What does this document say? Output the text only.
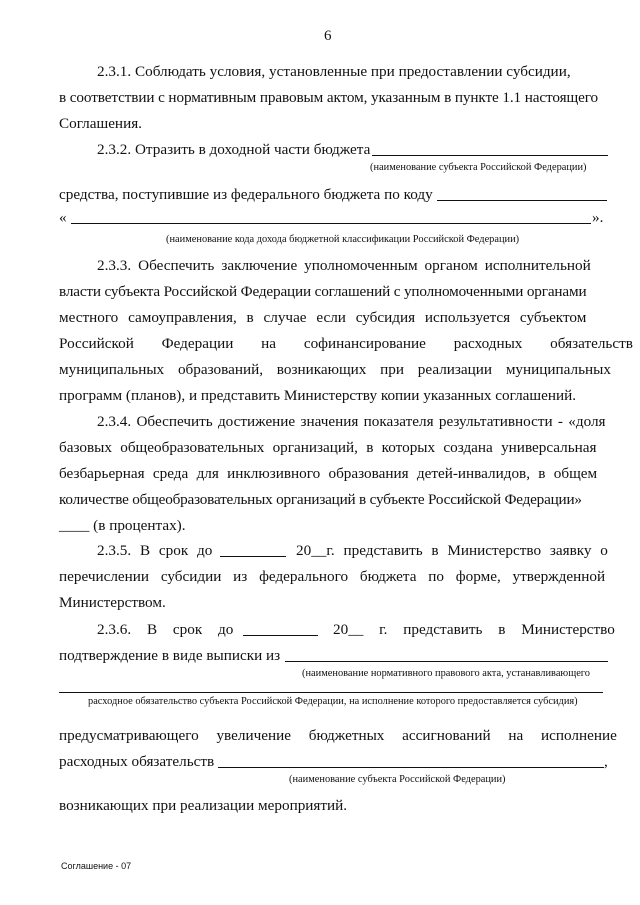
6
2.3.1. Соблюдать условия, установленные при предоставлении субсидии,
в соответствии с нормативным правовым актом, указанным в пункте 1.1 настоящего
Соглашения.
2.3.2. Отразить в доходной части бюджета
(наименование субъекта Российской Федерации)
средства, поступившие из федерального бюджета по коду
«	».
(наименование кода дохода бюджетной классификации Российской Федерации)
2.3.3. Обеспечить заключение уполномоченным органом исполнительной
власти субъекта Российской Федерации соглашений с уполномоченными органами
местного самоуправления, в случае если субсидия используется субъектом
Российской Федерации на софинансирование расходных обязательств
муниципальных образований, возникающих при реализации муниципальных
программ (планов), и представить Министерству копии указанных соглашений.
2.3.4. Обеспечить достижение значения показателя результативности - «доля
базовых общеобразовательных организаций, в которых создана универсальная
безбарьерная среда для инклюзивного образования детей-инвалидов, в общем
количестве общеобразовательных организаций в субъекте Российской Федерации»
____ (в процентах).
2.3.5. В срок до	20__г. представить в Министерство заявку о
перечислении субсидии из федерального бюджета по форме, утвержденной
Министерством.
2.3.6. В срок до	20__ г. представить в Министерство
подтверждение в виде выписки из
(наименование нормативного правового акта, устанавливающего
расходное обязательство субъекта Российской Федерации, на исполнение которого предоставляется субсидия)
предусматривающего увеличение бюджетных ассигнований на исполнение
расходных обязательств	,
(наименование субъекта Российской Федерации)
возникающих при реализации мероприятий.
Соглашение - 07
